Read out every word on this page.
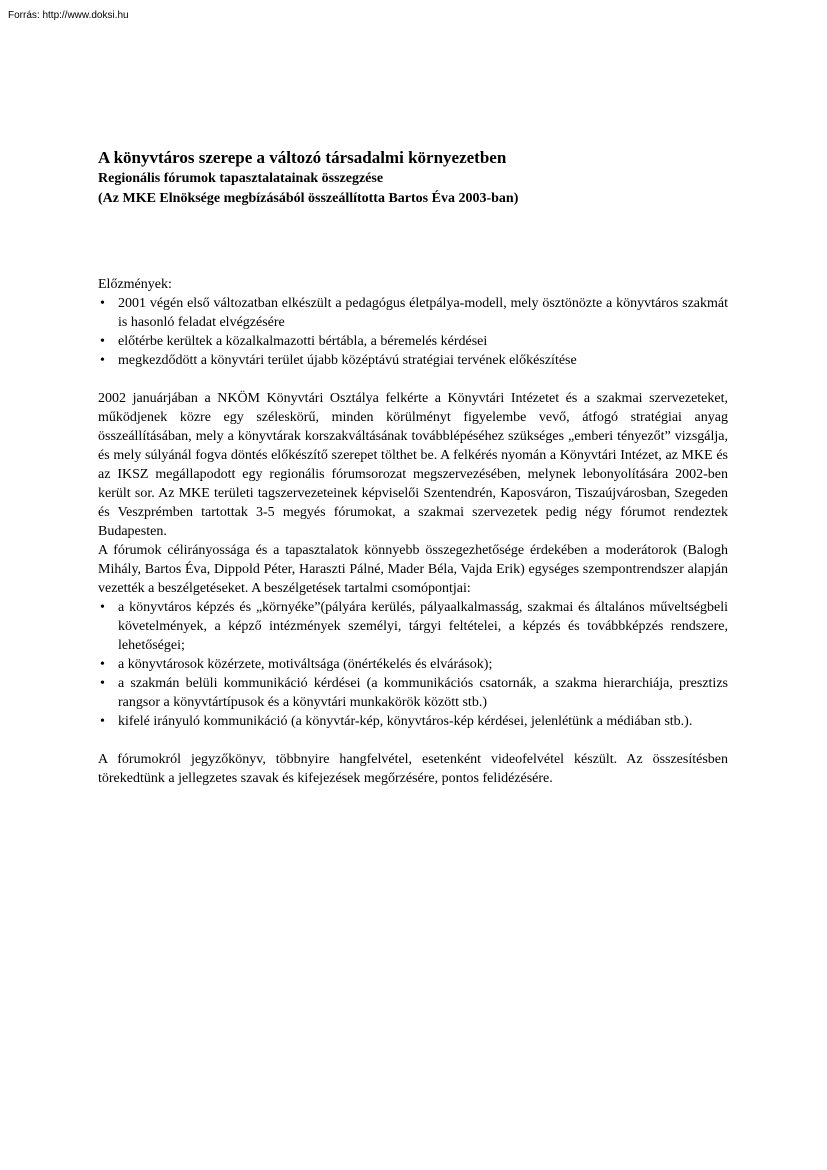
Forrás: http://www.doksi.hu
A könyvtáros szerepe a változó társadalmi környezetben
Regionális fórumok tapasztalatainak összegzése
(Az MKE Elnöksége megbízásából összeállította Bartos Éva 2003-ban)

Előzmények:

• 2001 végén első változatban elkészült a pedagógus életpálya-modell, mely ösztönözte a könyvtáros szakmát is hasonló feladat elvégzésére
• előtérbe kerültek a közalkalmazotti bértábla, a béremelés kérdései
• megkezdődött a könyvtári terület újabb középtávú stratégiai tervének előkészítése

2002 januárjában a NKÖM Könyvtári Osztálya felkérte a Könyvtári Intézetet és a szakmai szervezeteket, működjenek közre egy széleskörű, minden körülményt figyelembe vevő, átfogó stratégiai anyag összeállításában, mely a könyvtárak korszakváltásának továbblépéséhez szükséges „emberi tényezőt” vizsgálja, és mely súlyánál fogva döntés előkészítő szerepet tölthet be. A felkérés nyomán a Könyvtári Intézet, az MKE és az IKSZ megállapodott egy regionális fórumsorozat megszervezésében, melynek lebonyolítására 2002-ben került sor. Az MKE területi tagszervezeteinek képviselői Szentendrén, Kaposváron, Tiszaújvárosban, Szegeden és Veszprémben tartottak 3-5 megyés fórumokat, a szakmai szervezetek pedig négy fórumot rendeztek Budapesten.

A fórumok célirányossága és a tapasztalatok könnyebb összegezhetősége érdekében a moderátorok (Balogh Mihály, Bartos Éva, Dippold Péter, Haraszti Pálné, Mader Béla, Vajda Erik) egységes szempontrendszer alapján vezették a beszélgetéseket. A beszélgetések tartalmi csomópontjai:

• a könyvtáros képzés és „környéke”(pályára kerülés, pályaalkalmasság, szakmai és általános műveltségbeli követelmények, a képző intézmények személyi, tárgyi feltételei, a képzés és továbbképzés rendszere, lehetőségei;
• a könyvtárosok közérzete, motiváltsága (önértékelés és elvárások);
• a szakmán belüli kommunikáció kérdései (a kommunikációs csatornák, a szakma hierarchiája, presztizs rangsor a könyvtártípusok és a könyvtári munkakörök között stb.)
• kifelé irányuló kommunikáció (a könyvtár-kép, könyvtáros-kép kérdései, jelenlétünk a médiában stb.).

A fórumokról jegyzőkönyv, többnyire hangfelvétel, esetenként videofelvétel készült. Az összesítésben törekedtünk a jellegzetes szavak és kifejezések megőrzésére, pontos felidézésére.
